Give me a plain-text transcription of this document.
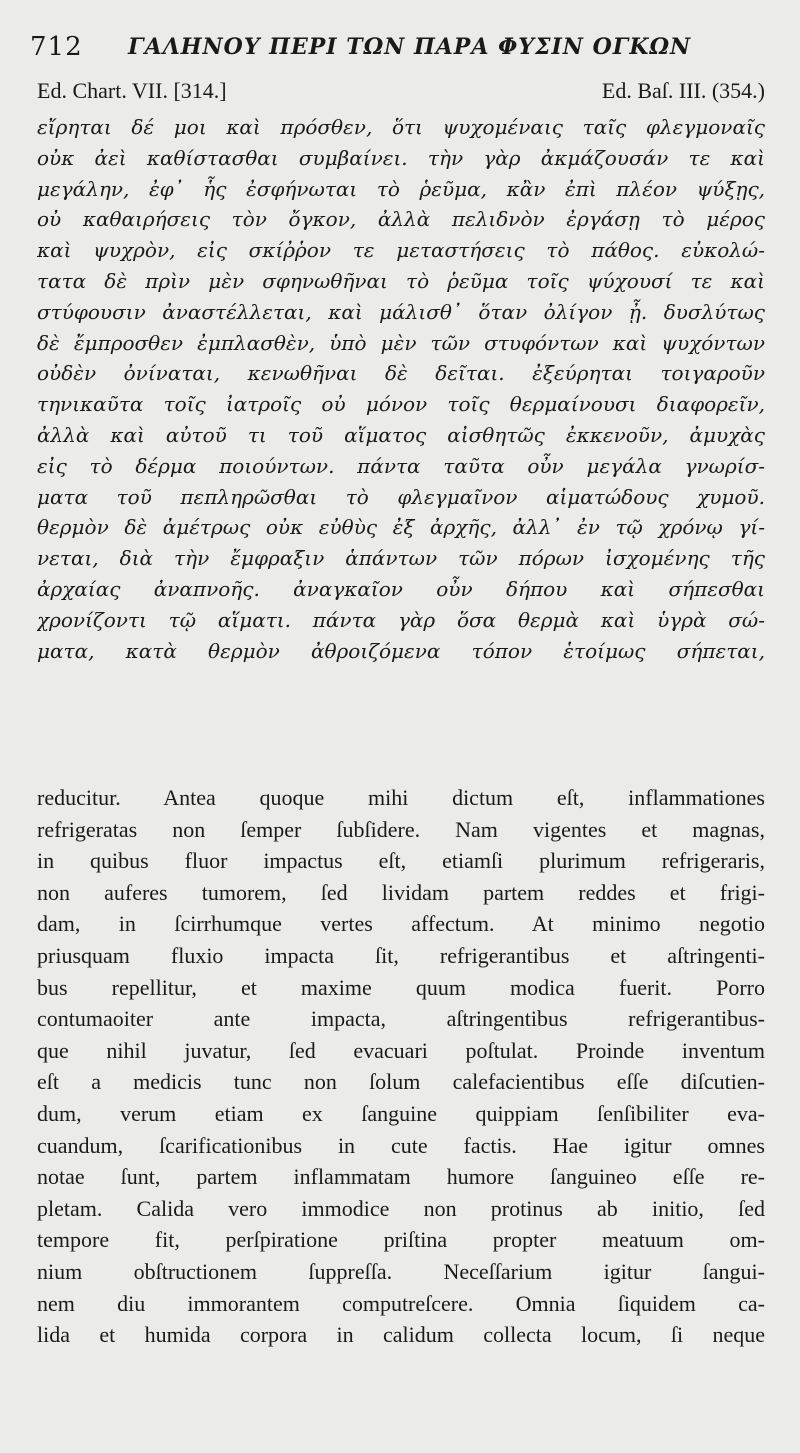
712 ΓΑΛΗΝΟΥ ΠΕΡΙ ΤΩΝ ΠΑΡΑ ΦΥΣΙΝ ΟΓΚΩΝ
Ed. Chart. VII. [314.]	Ed. Baſ. III. (354.)
εἴρηται δέ μοι καὶ πρόσθεν, ὅτι ψυχομέναις ταῖς φλεγμοναῖς
οὐκ ἀεὶ καθίστασθαι συμβαίνει. τὴν γὰρ ἀκμάζουσάν τε καὶ
μεγάλην, ἐφ᾽ ἧς ἐσφήνωται τὸ ῥεῦμα, κἂν ἐπὶ πλέον ψύξῃς,
οὐ καθαιρήσεις τὸν ὄγκον, ἀλλὰ πελιδνὸν ἐργάσῃ τὸ μέρος
καὶ ψυχρὸν, εἰς σκίῤῥον τε μεταστήσεις τὸ πάθος. εὐκολώ-
τατα δὲ πρὶν μὲν σφηνωθῆναι τὸ ῥεῦμα τοῖς ψύχουσί τε καὶ
στύφουσιν ἀναστέλλεται, καὶ μάλισθ᾽ ὅταν ὀλίγον ᾖ. δυσλύτως
δὲ ἔμπροσθεν ἐμπλασθὲν, ὑπὸ μὲν τῶν στυφόντων καὶ ψυχόντων
οὐδὲν ὀνίναται, κενωθῆναι δὲ δεῖται. ἐξεύρηται τοιγαροῦν
τηνικαῦτα τοῖς ἰατροῖς οὐ μόνον τοῖς θερμαίνουσι διαφορεῖν,
ἀλλὰ καὶ αὐτοῦ τι τοῦ αἵματος αἰσθητῶς ἐκκενοῦν, ἀμυχὰς
εἰς τὸ δέρμα ποιούντων. πάντα ταῦτα οὖν μεγάλα γνωρίσ-
ματα τοῦ πεπληρῶσθαι τὸ φλεγμαῖνον αἱματώδους χυμοῦ.
θερμὸν δὲ ἀμέτρως οὐκ εὐθὺς ἐξ ἀρχῆς, ἀλλ᾽ ἐν τῷ χρόνῳ γί-
νεται, διὰ τὴν ἔμφραξιν ἁπάντων τῶν πόρων ἰσχομένης τῆς
ἀρχαίας ἀναπνοῆς. ἀναγκαῖον οὖν δήπου καὶ σήπεσθαι
χρονίζοντι τῷ αἵματι. πάντα γὰρ ὅσα θερμὰ καὶ ὑγρὰ σώ-
ματα, κατὰ θερμὸν ἀθροιζόμενα τόπον ἑτοίμως σήπεται,
reducitur. Antea quoque mihi dictum eſt, inflammationes
refrigeratas non ſemper ſubſidere. Nam vigentes et magnas,
in quibus fluor impactus eſt, etiamſi plurimum refrigeraris,
non auferes tumorem, ſed lividam partem reddes et frigi-
dam, in ſcirrhumque vertes affectum. At minimo negotio
priusquam fluxio impacta ſit, refrigerantibus et aſtringenti-
bus repellitur, et maxime quum modica fuerit. Porro
contumaoiter ante impacta, aſtringentibus refrigerantibus-
que nihil juvatur, ſed evacuari poſtulat. Proinde inventum
eſt a medicis tunc non ſolum calefacientibus eſſe diſcutien-
dum, verum etiam ex ſanguine quippiam ſenſibiliter eva-
cuandum, ſcarificationibus in cute factis. Hae igitur omnes
notae ſunt, partem inflammatam humore ſanguineo eſſe re-
pletam. Calida vero immodice non protinus ab initio, ſed
tempore fit, perſpiratione priſtina propter meatuum om-
nium obſtructionem ſuppreſſa. Neceſſarium igitur ſangui-
nem diu immorantem computreſcere. Omnia ſiquidem ca-
lida et humida corpora in calidum collecta locum, ſi neque
